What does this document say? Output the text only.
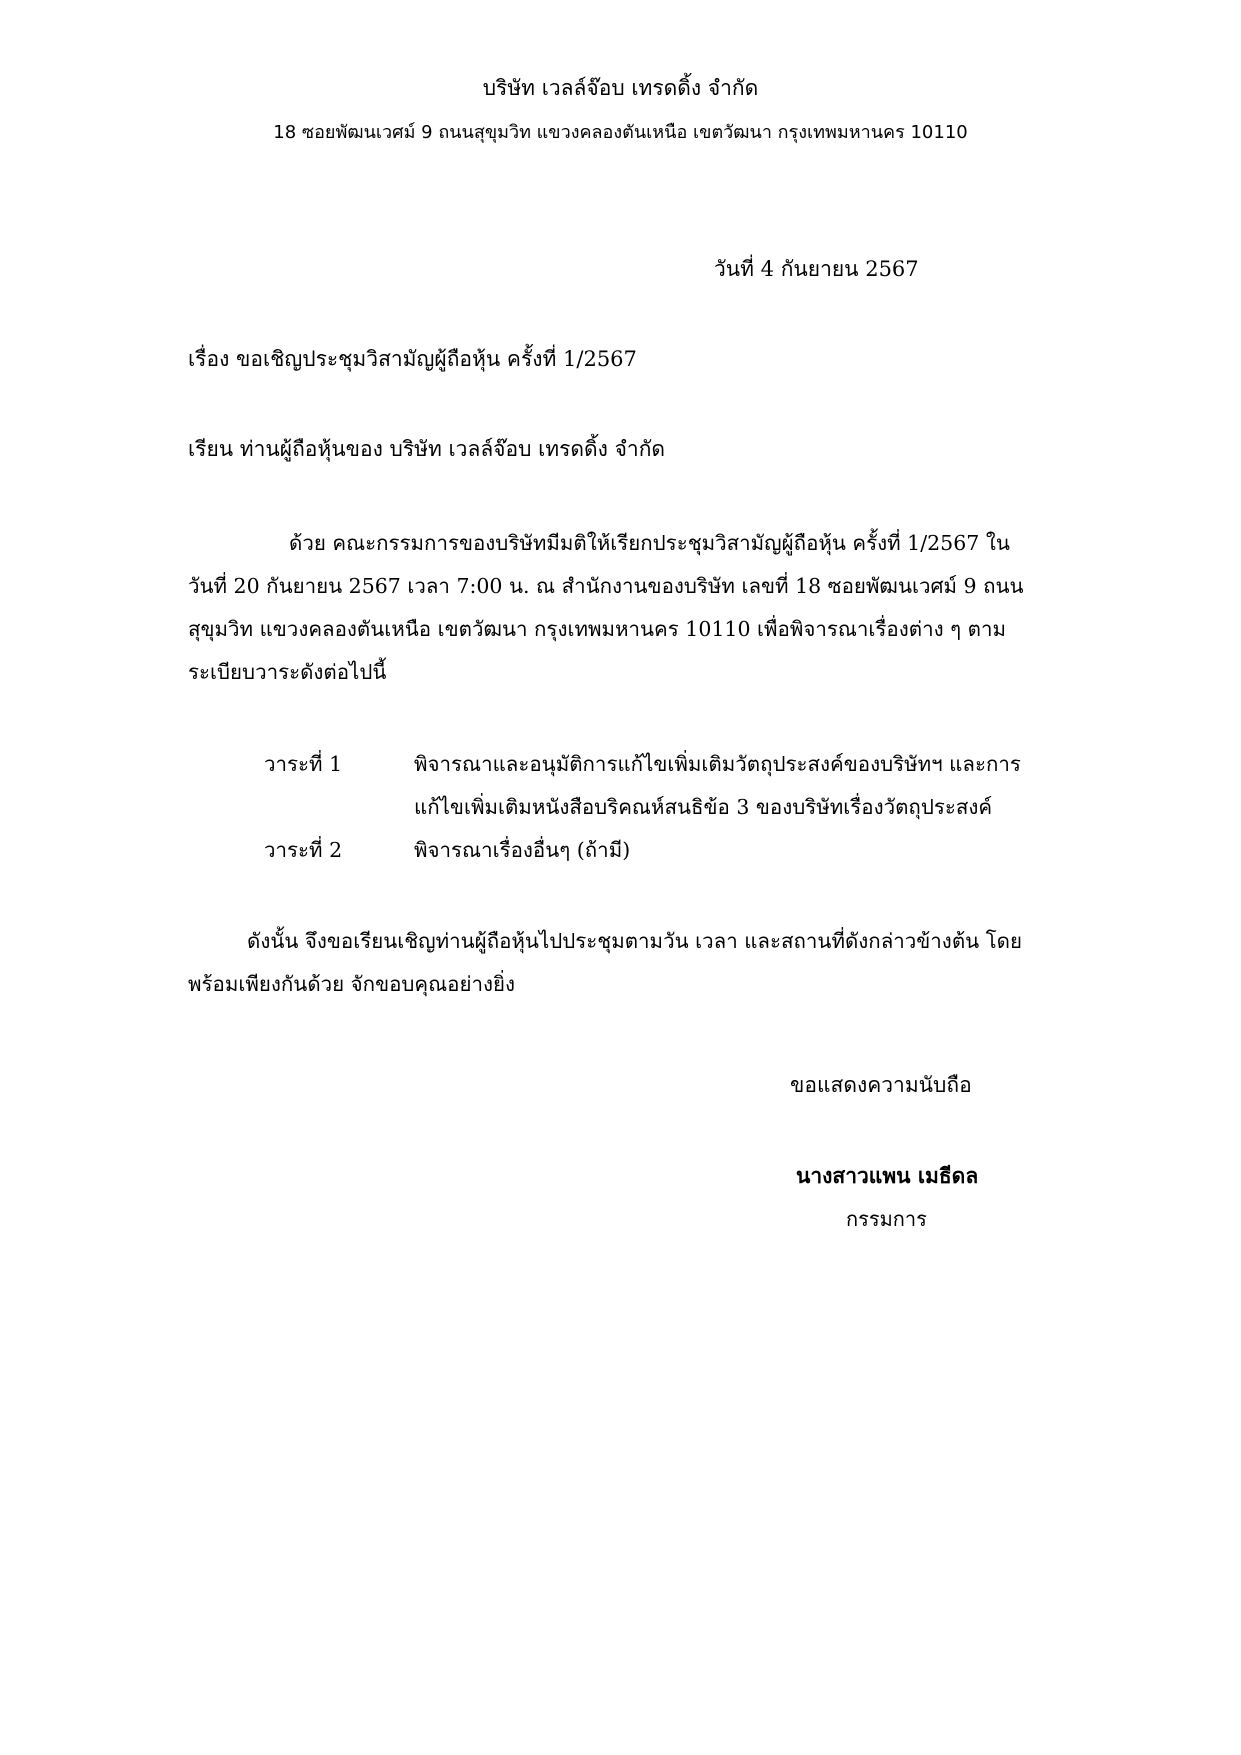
บริษัท เวลล์จ๊อบ เทรดดิ้ง จำกัด
18 ซอยพัฒนเวศม์ 9 ถนนสุขุมวิท แขวงคลองตันเหนือ เขตวัฒนา กรุงเทพมหานคร 10110
วันที่ 4 กันยายน 2567
เรื่อง ขอเชิญประชุมวิสามัญผู้ถือหุ้น ครั้งที่ 1/2567
เรียน ท่านผู้ถือหุ้นของ บริษัท เวลล์จ๊อบ เทรดดิ้ง จำกัด
ด้วย คณะกรรมการของบริษัทมีมติให้เรียกประชุมวิสามัญผู้ถือหุ้น ครั้งที่ 1/2567 ใน
วันที่ 20 กันยายน 2567 เวลา 7:00 น. ณ สำนักงานของบริษัท เลขที่ 18 ซอยพัฒนเวศม์ 9 ถนน
สุขุมวิท แขวงคลองตันเหนือ เขตวัฒนา กรุงเทพมหานคร 10110 เพื่อพิจารณาเรื่องต่าง ๆ ตาม
ระเบียบวาระดังต่อไปนี้
วาระที่ 1	พิจารณาและอนุมัติการแก้ไขเพิ่มเติมวัตถุประสงค์ของบริษัทฯ และการ
แก้ไขเพิ่มเติมหนังสือบริคณห์สนธิข้อ 3 ของบริษัทเรื่องวัตถุประสงค์
วาระที่ 2	พิจารณาเรื่องอื่นๆ (ถ้ามี)
ดังนั้น จึงขอเรียนเชิญท่านผู้ถือหุ้นไปประชุมตามวัน เวลา และสถานที่ดังกล่าวข้างต้น โดย
พร้อมเพียงกันด้วย จักขอบคุณอย่างยิ่ง
ขอแสดงความนับถือ
นางสาวแพน เมธีดล
กรรมการ
